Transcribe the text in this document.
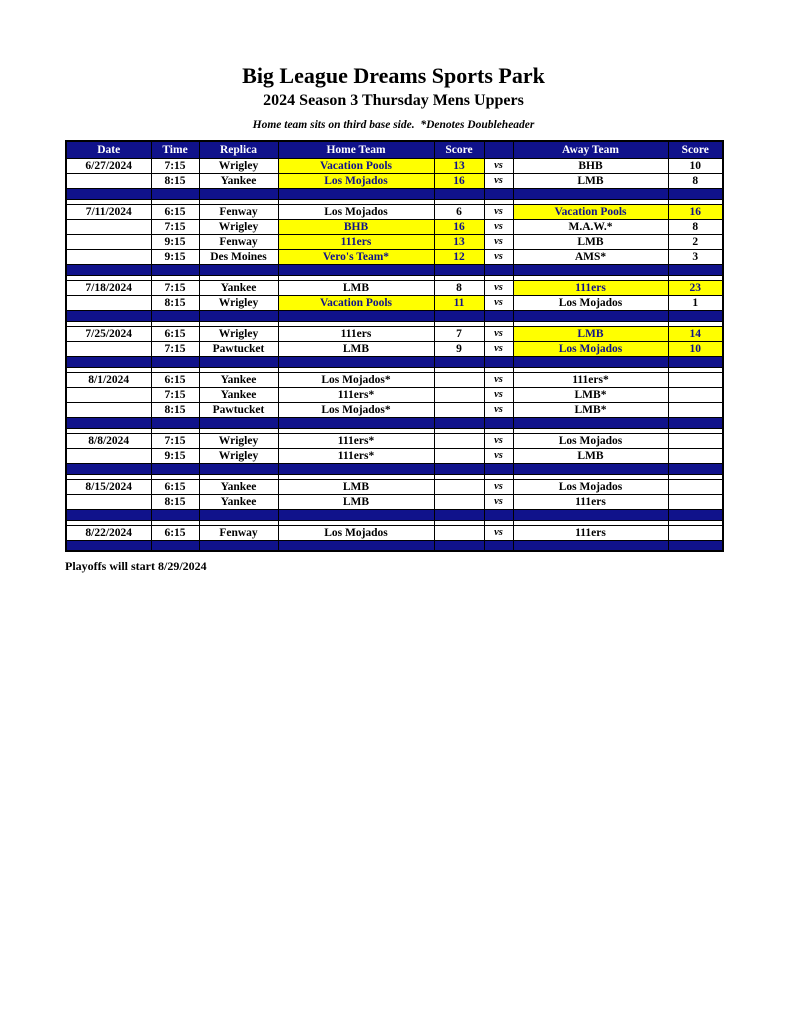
Big League Dreams Sports Park
2024 Season 3 Thursday Mens Uppers
Home team sits on third base side.  *Denotes Doubleheader
Date	Time	Replica	Home Team	Score		Away Team	Score
6/27/2024	7:15	Wrigley	Vacation Pools	13	vs	BHB	10
	8:15	Yankee	Los Mojados	16	vs	LMB	8

7/11/2024	6:15	Fenway	Los Mojados	6	vs	Vacation Pools	16
	7:15	Wrigley	BHB	16	vs	M.A.W.*	8
	9:15	Fenway	111ers	13	vs	LMB	2
	9:15	Des Moines	Vero's Team*	12	vs	AMS*	3

7/18/2024	7:15	Yankee	LMB	8	vs	111ers	23
	8:15	Wrigley	Vacation Pools	11	vs	Los Mojados	1

7/25/2024	6:15	Wrigley	111ers	7	vs	LMB	14
	7:15	Pawtucket	LMB	9	vs	Los Mojados	10

8/1/2024	6:15	Yankee	Los Mojados*		vs	111ers*	
	7:15	Yankee	111ers*		vs	LMB*	
	8:15	Pawtucket	Los Mojados*		vs	LMB*	

8/8/2024	7:15	Wrigley	111ers*		vs	Los Mojados	
	9:15	Wrigley	111ers*		vs	LMB	

8/15/2024	6:15	Yankee	LMB		vs	Los Mojados	
	8:15	Yankee	LMB		vs	111ers	

8/22/2024	6:15	Fenway	Los Mojados		vs	111ers	

Playoffs will start 8/29/2024
